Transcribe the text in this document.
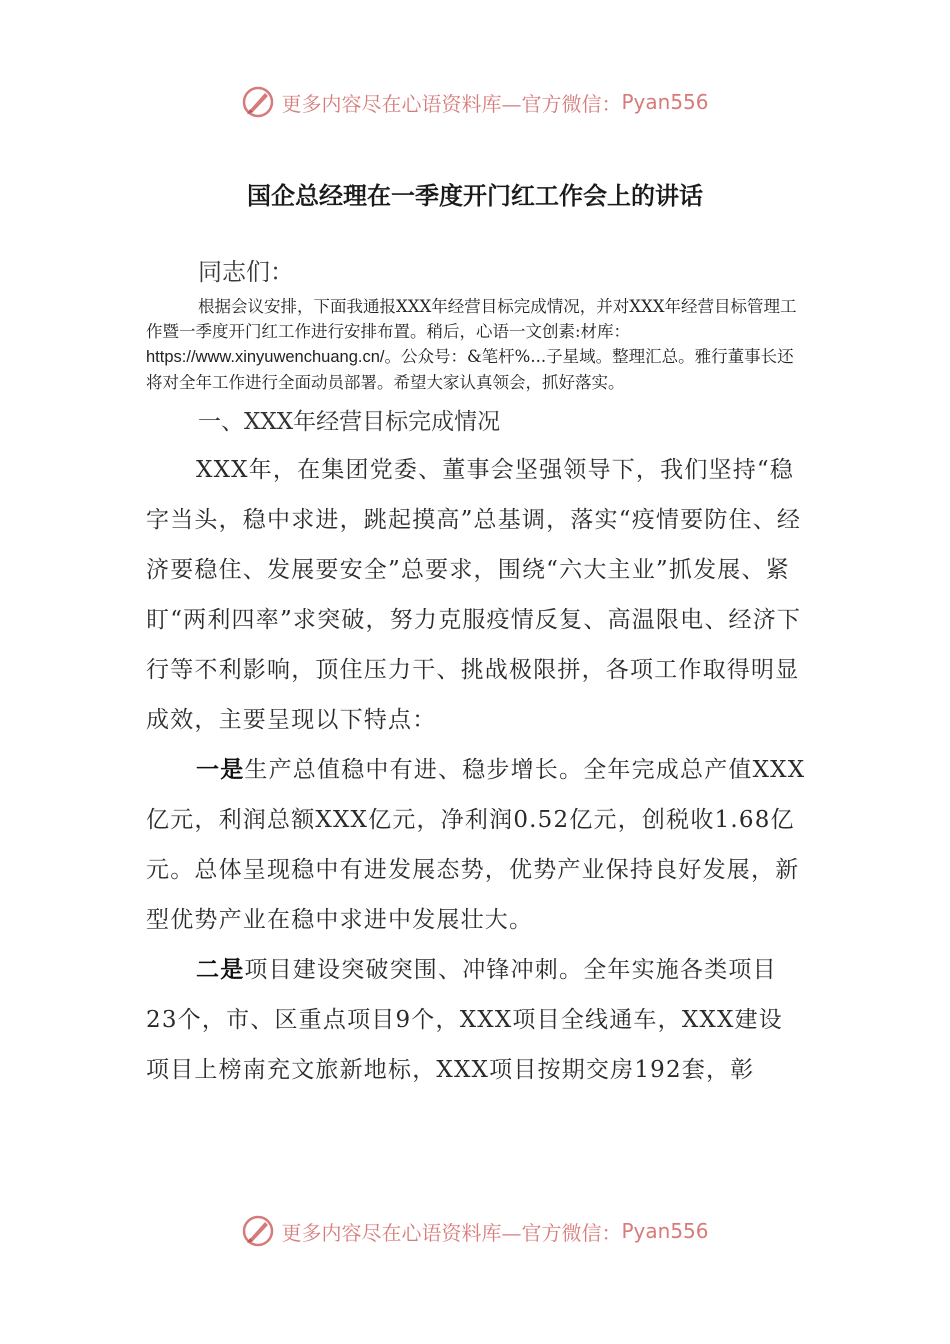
更多内容尽在心语资料库—官方微信： Pyan556
国企总经理在一季度开门红工作会上的讲话
同志们：
根据会议安排，下面我通报XXX年经营目标完成情况，并对XXX年经营目标管理工作暨一季度开门红工作进行安排布置。稍后，心语一文创素:材库：https://www.xinyuwenchuang.cn/。公众号：&笔杆%...子星域。整理汇总。雅行董事长还将对全年工作进行全面动员部署。希望大家认真领会，抓好落实。
一、XXX年经营目标完成情况

XXX年，在集团党委、董事会坚强领导下，我们坚持“稳字当头，稳中求进，跳起摸高”总基调，落实“疫情要防住、经济要稳住、发展要安全”总要求，围绕“六大主业”抓发展、紧盯“两利四率”求突破，努力克服疫情反复、高温限电、经济下行等不利影响，顶住压力干、挑战极限拼，各项工作取得明显成效，主要呈现以下特点：

一是生产总值稳中有进、稳步增长。全年完成总产值XXX亿元，利润总额XXX亿元，净利润0.52亿元，创税收1.68亿元。总体呈现稳中有进发展态势，优势产业保持良好发展，新型优势产业在稳中求进中发展壮大。

二是项目建设突破突围、冲锋冲刺。全年实施各类项目23个，市、区重点项目9个，XXX项目全线通车，XXX建设项目上榜南充文旅新地标，XXX项目按期交房192套，彰

更多内容尽在心语资料库—官方微信： Pyan556
